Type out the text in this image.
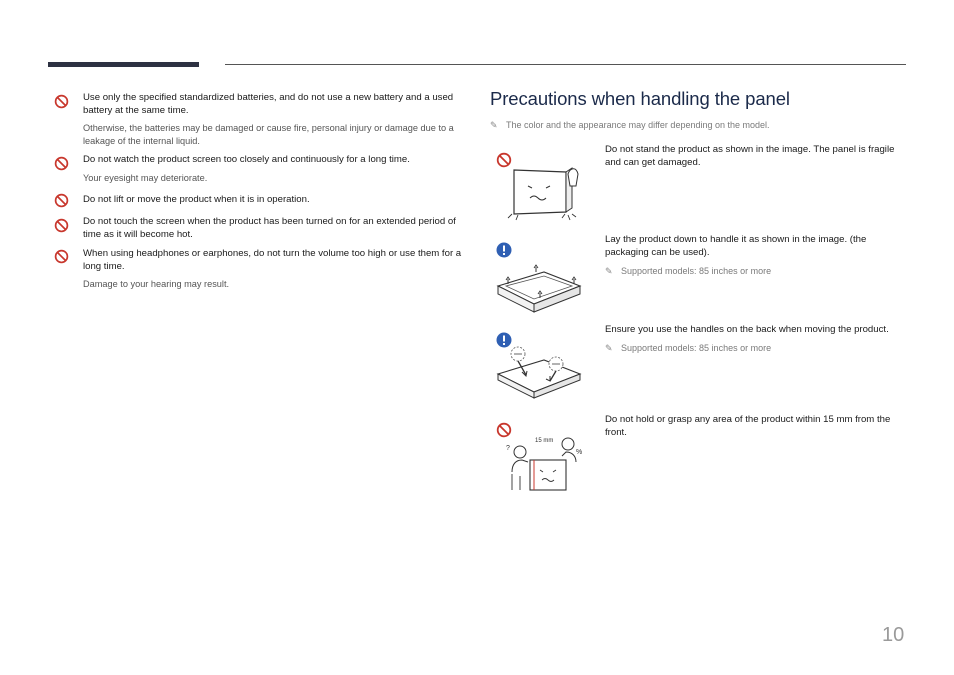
Use only the specified standardized batteries, and do not use a new battery and a used battery at the same time.
Otherwise, the batteries may be damaged or cause fire, personal injury or damage due to a leakage of the internal liquid.
Do not watch the product screen too closely and continuously for a long time.
Your eyesight may deteriorate.
Do not lift or move the product when it is in operation.
Do not touch the screen when the product has been turned on for an extended period of time as it will become hot.
When using headphones or earphones, do not turn the volume too high or use them for a long time.
Damage to your hearing may result.
Precautions when handling the panel
✎ The color and the appearance may differ depending on the model.
Do not stand the product as shown in the image. The panel is fragile and can get damaged.
Lay the product down to handle it as shown in the image. (the packaging can be used).
✎ Supported models: 85 inches or more
Ensure you use the handles on the back when moving the product.
✎ Supported models: 85 inches or more
?
%
15 mm
Do not hold or grasp any area of the product within 15 mm from the front.
10
